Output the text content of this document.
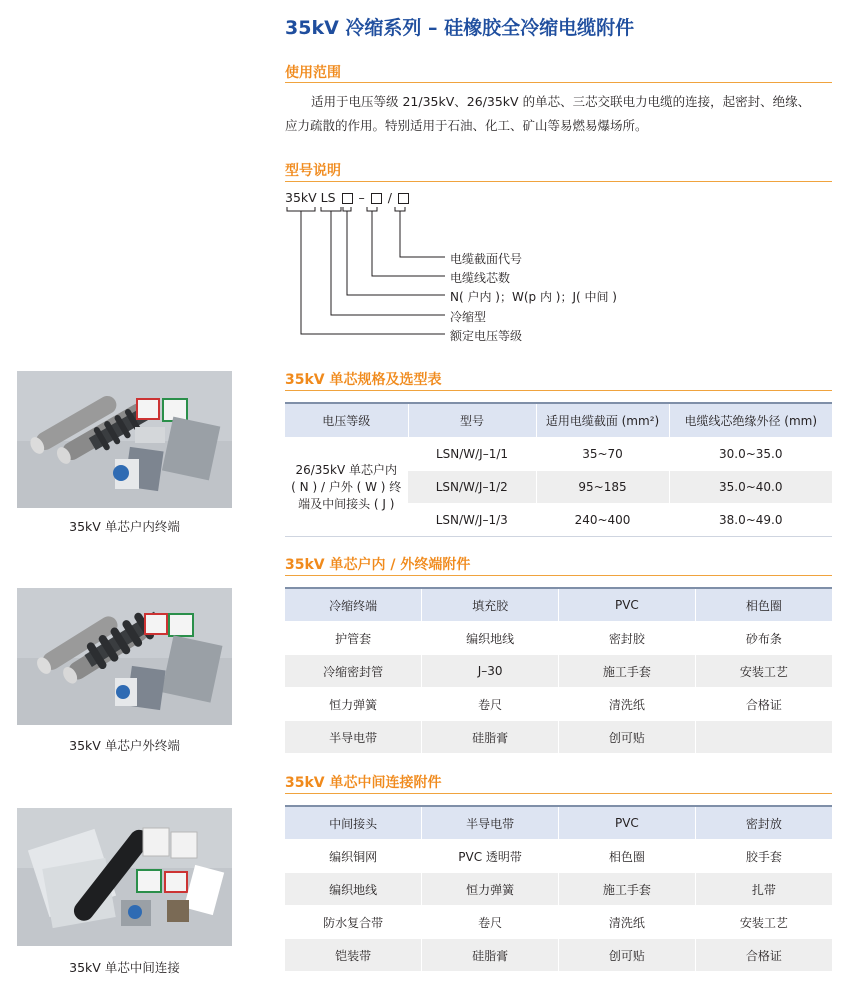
35kV 冷缩系列 – 硅橡胶全冷缩电缆附件
使用范围

适用于电压等级 21/35kV、26/35kV 的单芯、三芯交联电力电缆的连接，起密封、绝缘、

应力疏散的作用。特别适用于石油、化工、矿山等易燃易爆场所。

型号说明
35kV LS – /
电缆截面代号
电缆线芯数
N( 户内 )；W(p 内 )；J( 中间 )
冷缩型
额定电压等级
35kV 单芯规格及选型表
电压等级	型号	适用电缆截面 (mm²)	电缆线芯绝缘外径 (mm)

26/35kV 单芯户内
( N ) / 户外 ( W ) 终
端及中间接头 ( J )	LSN/W/J–1/1	35~70	30.0~35.0
	LSN/W/J–1/2	95~185	35.0~40.0
	LSN/W/J–1/3	240~400	38.0~49.0
35kV 单芯户内 / 外终端附件
冷缩终端	填充胶	PVC	相色圈
护管套	编织地线	密封胶	砂布条
冷缩密封管	J–30	施工手套	安装工艺
恒力弹簧	卷尺	清洗纸	合格证
半导电带	硅脂膏	创可贴	
35kV 单芯中间连接附件
中间接头	半导电带	PVC	密封放
编织铜网	PVC 透明带	相色圈	胶手套
编织地线	恒力弹簧	施工手套	扎带
防水复合带	卷尺	清洗纸	安装工艺
铠装带	硅脂膏	创可贴	合格证
35kV 单芯户内终端
35kV 单芯户外终端
35kV 单芯中间连接
